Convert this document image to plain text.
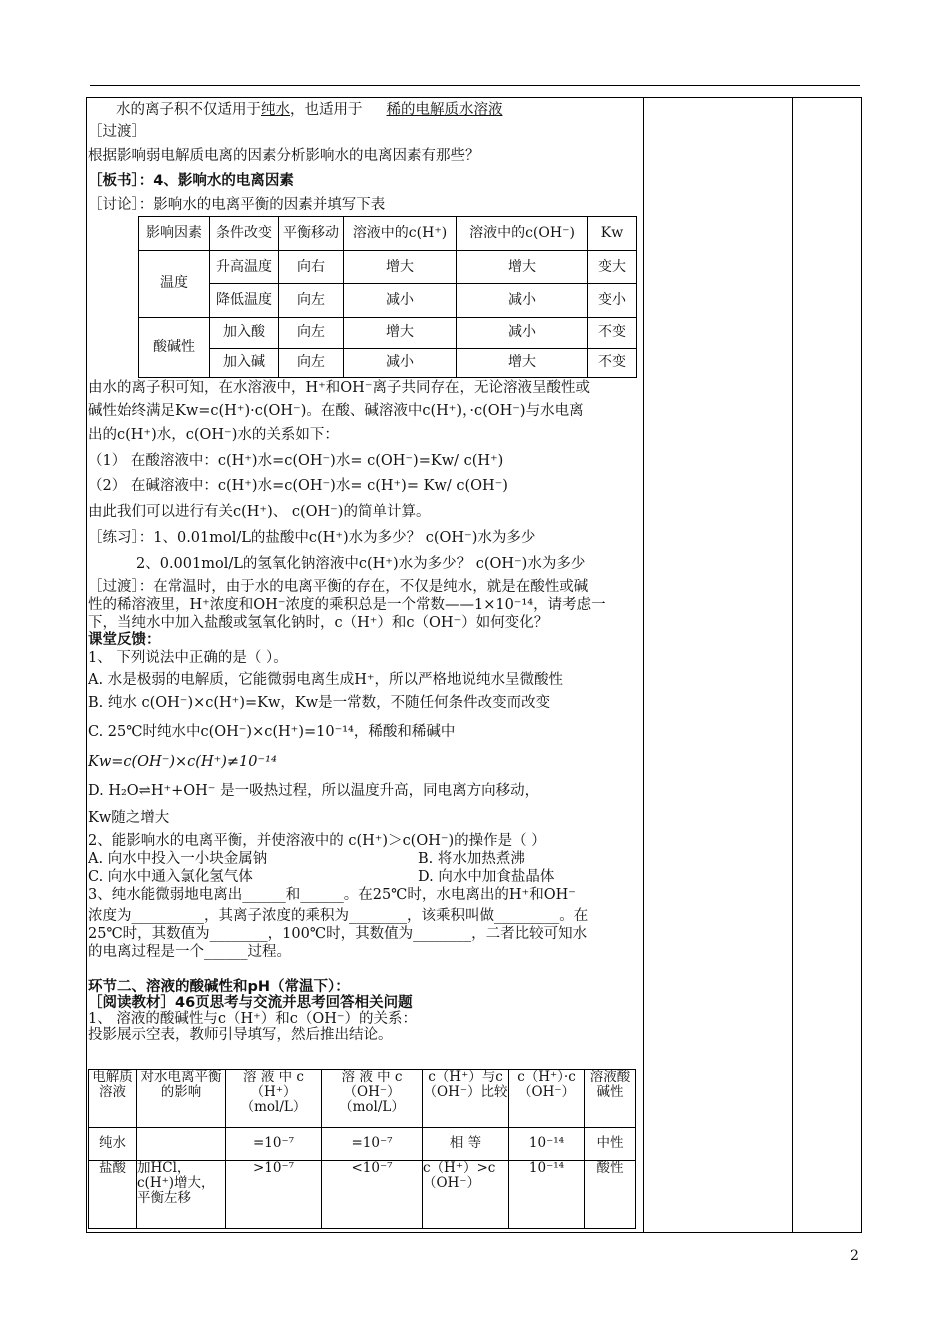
水的离子积不仅适用于纯水，也适用于 稀的电解质水溶液
［过渡］
根据影响弱电解质电离的因素分析影响水的电离因素有那些？
［板书］：4、影响水的电离因素
［讨论］：影响水的电离平衡的因素并填写下表
影响因素	条件改变	平衡移动	溶液中的c(H⁺)	溶液中的c(OH⁻)	Kw
温度	升高温度	向右	增大	增大	变大
	降低温度	向左	减小	减小	变小
酸碱性	加入酸	向左	增大	减小	不变
	加入碱	向左	减小	增大	不变
由水的离子积可知，在水溶液中，H⁺和OH⁻离子共同存在，无论溶液呈酸性或
碱性始终满足Kw=c(H⁺)·c(OH⁻)。在酸、碱溶液中c(H⁺)，·c(OH⁻)与水电离
出的c(H⁺)水，c(OH⁻)水的关系如下：
（1） 在酸溶液中：c(H⁺)水=c(OH⁻)水= c(OH⁻)=Kw/ c(H⁺)
（2） 在碱溶液中：c(H⁺)水=c(OH⁻)水= c(H⁺)= Kw/ c(OH⁻)
由此我们可以进行有关c(H⁺)、 c(OH⁻)的简单计算。
［练习］：1、0.01mol/L的盐酸中c(H⁺)水为多少？ c(OH⁻)水为多少
2、0.001mol/L的氢氧化钠溶液中c(H⁺)水为多少？ c(OH⁻)水为多少
［过渡］：在常温时，由于水的电离平衡的存在，不仅是纯水，就是在酸性或碱
性的稀溶液里，H⁺浓度和OH⁻浓度的乘积总是一个常数——1×10⁻¹⁴，请考虑一
下，当纯水中加入盐酸或氢氧化钠时，c（H⁺）和c（OH⁻）如何变化？
课堂反馈：
1、 下列说法中正确的是（ ）。
A. 水是极弱的电解质，它能微弱电离生成H⁺，所以严格地说纯水呈微酸性
B. 纯水 c(OH⁻)×c(H⁺)=Kw，Kw是一常数，不随任何条件改变而改变
C. 25℃时纯水中c(OH⁻)×c(H⁺)=10⁻¹⁴，稀酸和稀碱中
Kw=c(OH⁻)×c(H⁺)≠10⁻¹⁴
D. H₂O⇌H⁺+OH⁻ 是一吸热过程，所以温度升高，同电离方向移动，
Kw随之增大
2、能影响水的电离平衡，并使溶液中的 c(H⁺)＞c(OH⁻)的操作是（ ）
A. 向水中投入一小块金属钠	B. 将水加热煮沸
C. 向水中通入氯化氢气体	D. 向水中加食盐晶体
3、纯水能微弱地电离出______和______。在25℃时，水电离出的H⁺和OH⁻
浓度为__________，其离子浓度的乘积为________，该乘积叫做_________。在
25℃时，其数值为________，100℃时，其数值为________，二者比较可知水
的电离过程是一个______过程。
环节二、溶液的酸碱性和pH（常温下）：
［阅读教材］46页思考与交流并思考回答相关问题
1、 溶液的酸碱性与c（H⁺）和c（OH⁻）的关系：
投影展示空表，教师引导填写，然后推出结论。
电解质溶液	对水电离平衡的影响	溶 液 中 c（H⁺）（mol/L）	溶 液 中 c（OH⁻）（mol/L）	c（H⁺）与c（OH⁻）比较	c（H⁺）·c（OH⁻）	溶液酸碱性
纯水		=10⁻⁷	=10⁻⁷	相 等	10⁻¹⁴	中性
盐酸	加HCl，c(H⁺)增大，平衡左移	>10⁻⁷	<10⁻⁷	c（H⁺）>c（OH⁻）	10⁻¹⁴	酸性
2
